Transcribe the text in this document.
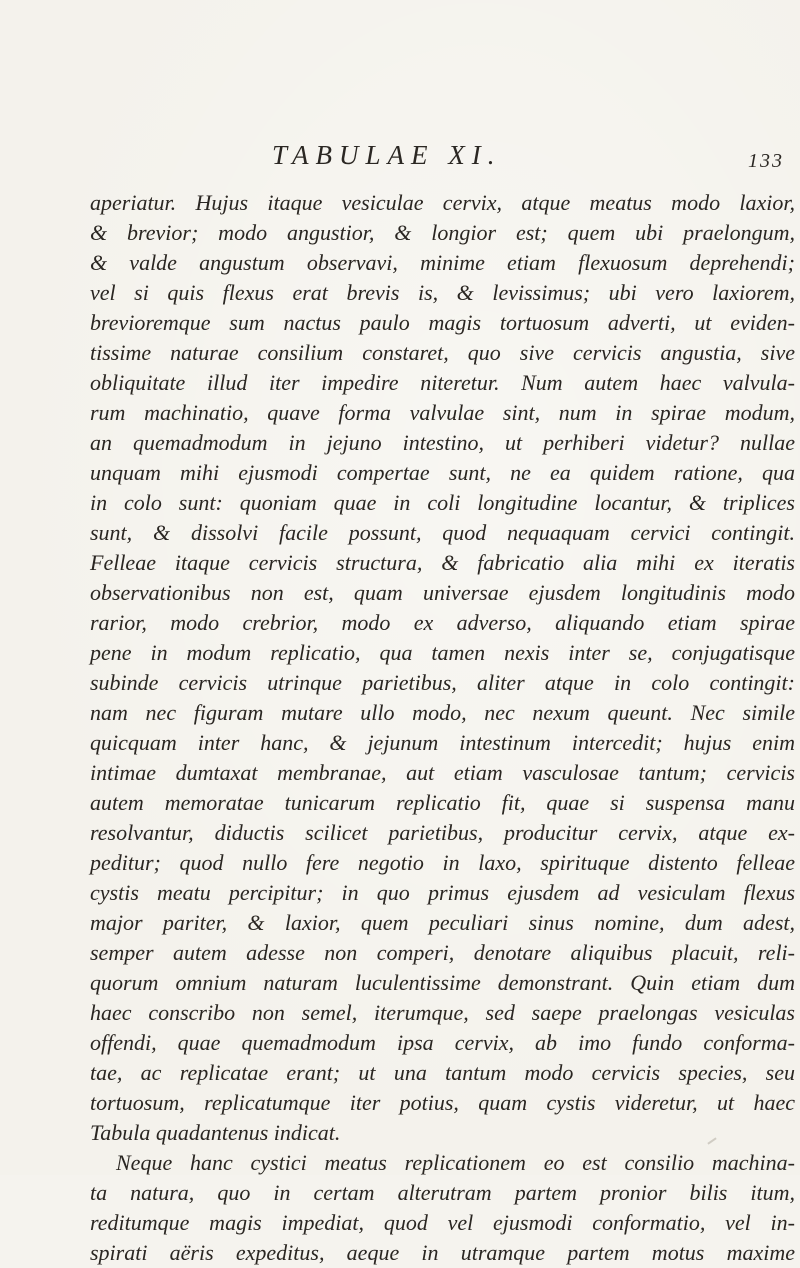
TABULAE XI.	133
aperiatur. Hujus itaque vesiculae cervix, atque meatus modo laxior,
& brevior; modo angustior, & longior est; quem ubi praelongum,
& valde angustum observavi, minime etiam flexuosum deprehendi;
vel si quis flexus erat brevis is, & levissimus; ubi vero laxiorem,
brevioremque sum nactus paulo magis tortuosum adverti, ut eviden-
tissime naturae consilium constaret, quo sive cervicis angustia, sive
obliquitate illud iter impedire niteretur. Num autem haec valvula-
rum machinatio, quave forma valvulae sint, num in spirae modum,
an quemadmodum in jejuno intestino, ut perhiberi videtur? nullae
unquam mihi ejusmodi compertae sunt, ne ea quidem ratione, qua
in colo sunt: quoniam quae in coli longitudine locantur, & triplices
sunt, & dissolvi facile possunt, quod nequaquam cervici contingit.
Felleae itaque cervicis structura, & fabricatio alia mihi ex iteratis
observationibus non est, quam universae ejusdem longitudinis modo
rarior, modo crebrior, modo ex adverso, aliquando etiam spirae
pene in modum replicatio, qua tamen nexis inter se, conjugatisque
subinde cervicis utrinque parietibus, aliter atque in colo contingit:
nam nec figuram mutare ullo modo, nec nexum queunt. Nec simile
quicquam inter hanc, & jejunum intestinum intercedit; hujus enim
intimae dumtaxat membranae, aut etiam vasculosae tantum; cervicis
autem memoratae tunicarum replicatio fit, quae si suspensa manu
resolvantur, diductis scilicet parietibus, producitur cervix, atque ex-
peditur; quod nullo fere negotio in laxo, spirituque distento felleae
cystis meatu percipitur; in quo primus ejusdem ad vesiculam flexus
major pariter, & laxior, quem peculiari sinus nomine, dum adest,
semper autem adesse non comperi, denotare aliquibus placuit, reli-
quorum omnium naturam luculentissime demonstrant. Quin etiam dum
haec conscribo non semel, iterumque, sed saepe praelongas vesiculas
offendi, quae quemadmodum ipsa cervix, ab imo fundo conforma-
tae, ac replicatae erant; ut una tantum modo cervicis species, seu
tortuosum, replicatumque iter potius, quam cystis videretur, ut haec
Tabula quadantenus indicat.
Neque hanc cystici meatus replicationem eo est consilio machina-
ta natura, quo in certam alterutram partem pronior bilis itum,
reditumque magis impediat, quod vel ejusmodi conformatio, vel in-
spirati aëris expeditus, aeque in utramque partem motus maxime
